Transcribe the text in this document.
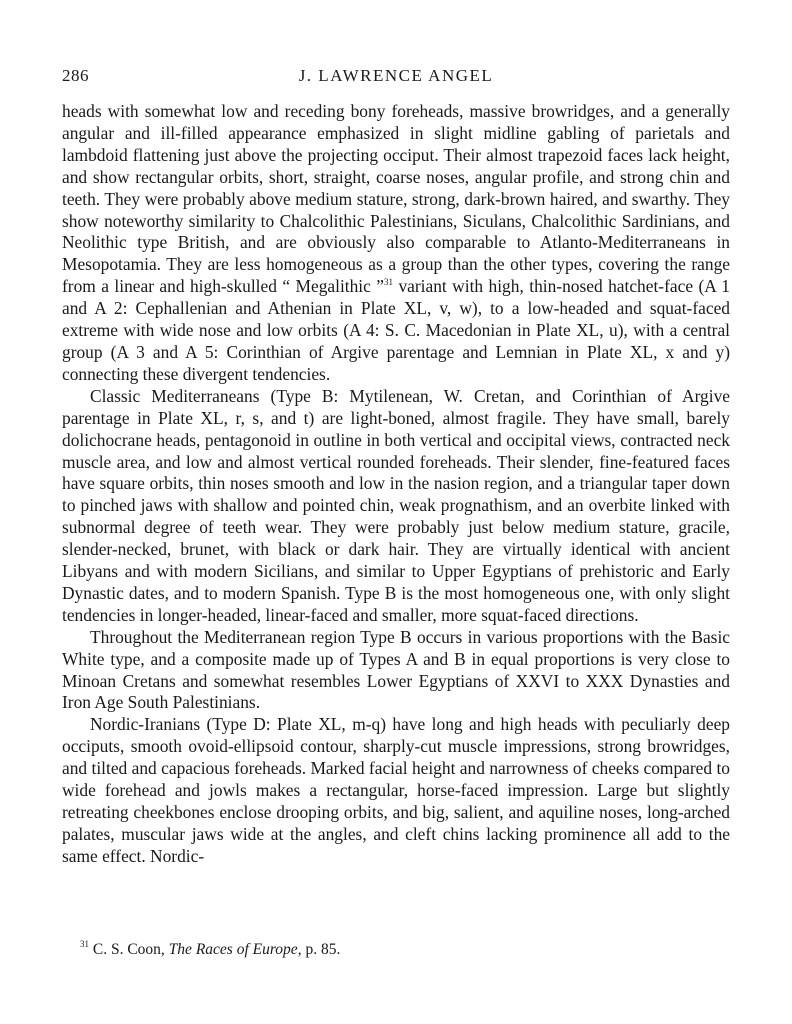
286	J. LAWRENCE ANGEL

heads with somewhat low and receding bony foreheads, massive browridges, and a generally angular and ill-filled appearance emphasized in slight midline gabling of parietals and lambdoid flattening just above the projecting occiput. Their almost trapezoid faces lack height, and show rectangular orbits, short, straight, coarse noses, angular profile, and strong chin and teeth. They were probably above medium stature, strong, dark-brown haired, and swarthy. They show noteworthy similarity to Chalcolithic Palestinians, Siculans, Chalcolithic Sardinians, and Neolithic type British, and are obviously also comparable to Atlanto-Mediterraneans in Mesopotamia. They are less homogeneous as a group than the other types, covering the range from a linear and high-skulled “ Megalithic ”$^{31}$ variant with high, thin-nosed hatchet-face (A 1 and A 2: Cephallenian and Athenian in Plate XL, v, w), to a low-headed and squat-faced extreme with wide nose and low orbits (A 4: S. C. Macedonian in Plate XL, u), with a central group (A 3 and A 5: Corinthian of Argive parentage and Lemnian in Plate XL, x and y) connecting these divergent tendencies.

Classic Mediterraneans (Type B: Mytilenean, W. Cretan, and Corinthian of Argive parentage in Plate XL, r, s, and t) are light-boned, almost fragile. They have small, barely dolichocrane heads, pentagonoid in outline in both vertical and occipital views, contracted neck muscle area, and low and almost vertical rounded foreheads. Their slender, fine-featured faces have square orbits, thin noses smooth and low in the nasion region, and a triangular taper down to pinched jaws with shallow and pointed chin, weak prognathism, and an overbite linked with subnormal degree of teeth wear. They were probably just below medium stature, gracile, slender-necked, brunet, with black or dark hair. They are virtually identical with ancient Libyans and with modern Sicilians, and similar to Upper Egyptians of prehistoric and Early Dynastic dates, and to modern Spanish. Type B is the most homogeneous one, with only slight tendencies in longer-headed, linear-faced and smaller, more squat-faced directions.

Throughout the Mediterranean region Type B occurs in various proportions with the Basic White type, and a composite made up of Types A and B in equal proportions is very close to Minoan Cretans and somewhat resembles Lower Egyptians of XXVI to XXX Dynasties and Iron Age South Palestinians.

Nordic-Iranians (Type D: Plate XL, m-q) have long and high heads with peculiarly deep occiputs, smooth ovoid-ellipsoid contour, sharply-cut muscle impressions, strong browridges, and tilted and capacious foreheads. Marked facial height and narrowness of cheeks compared to wide forehead and jowls makes a rectangular, horse-faced impression. Large but slightly retreating cheekbones enclose drooping orbits, and big, salient, and aquiline noses, long-arched palates, muscular jaws wide at the angles, and cleft chins lacking prominence all add to the same effect. Nordic-

$^{31}$ C. S. Coon, The Races of Europe, p. 85.
